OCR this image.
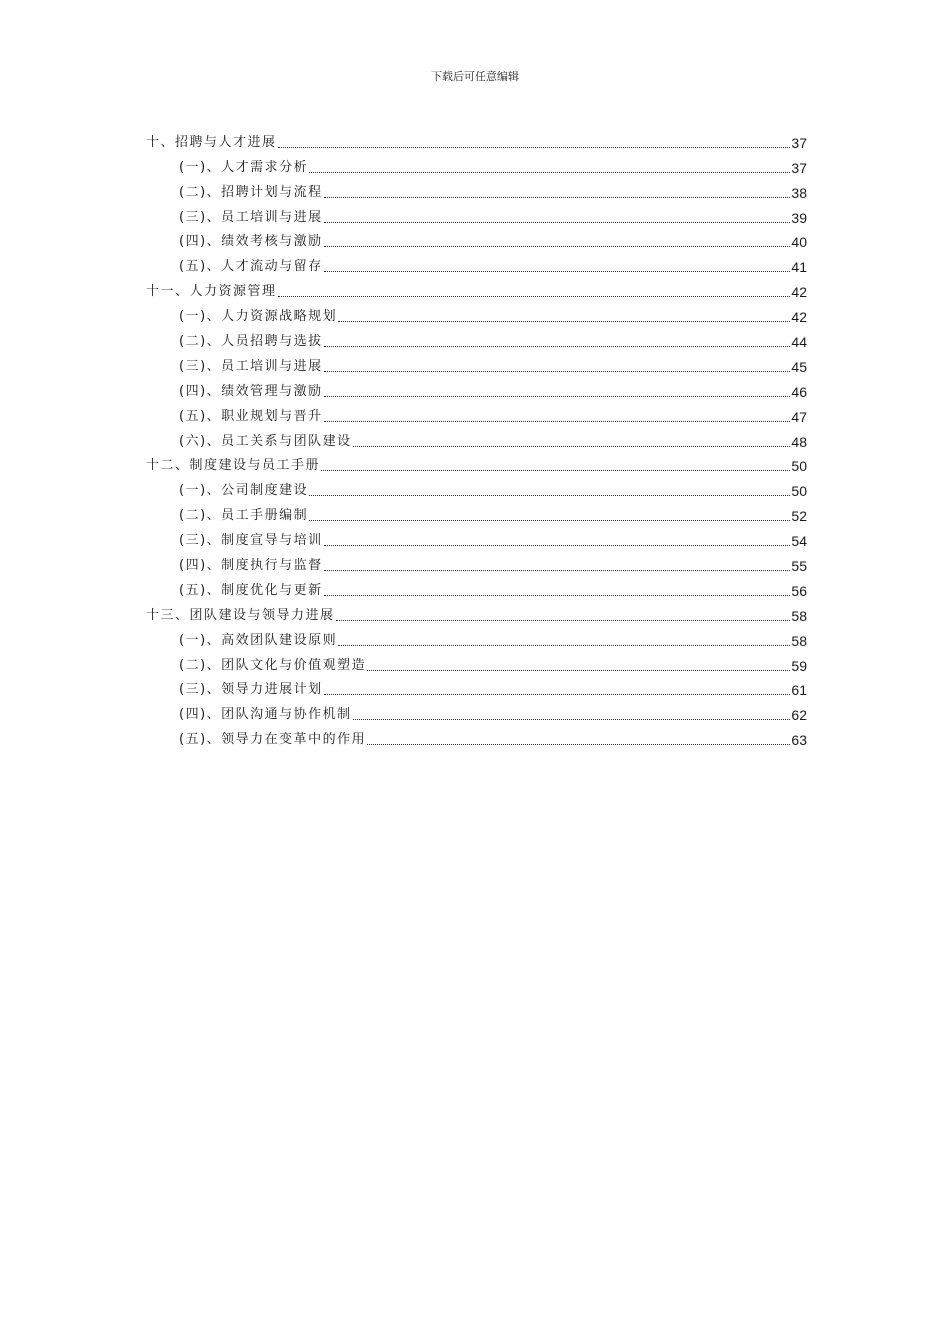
下载后可任意编辑
十、招聘与人才进展	37
(一)、人才需求分析	37
(二)、招聘计划与流程	38
(三)、员工培训与进展	39
(四)、绩效考核与激励	40
(五)、人才流动与留存	41
十一、人力资源管理	42
(一)、人力资源战略规划	42
(二)、人员招聘与选拔	44
(三)、员工培训与进展	45
(四)、绩效管理与激励	46
(五)、职业规划与晋升	47
(六)、员工关系与团队建设	48
十二、制度建设与员工手册	50
(一)、公司制度建设	50
(二)、员工手册编制	52
(三)、制度宣导与培训	54
(四)、制度执行与监督	55
(五)、制度优化与更新	56
十三、团队建设与领导力进展	58
(一)、高效团队建设原则	58
(二)、团队文化与价值观塑造	59
(三)、领导力进展计划	61
(四)、团队沟通与协作机制	62
(五)、领导力在变革中的作用	63
